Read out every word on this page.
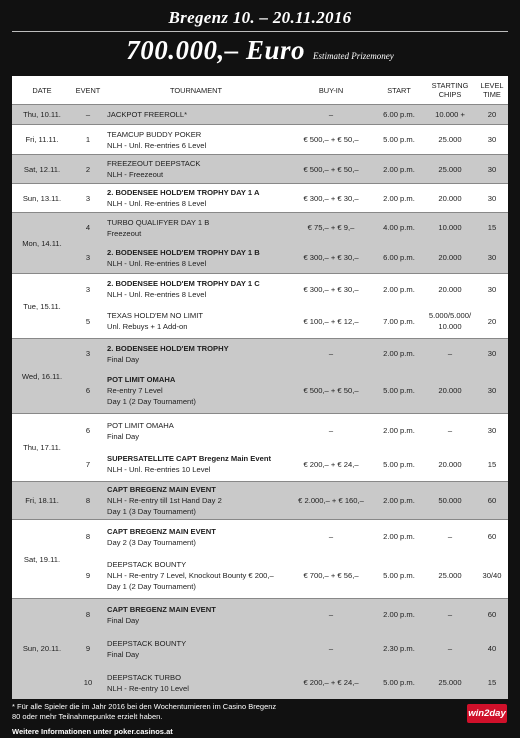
Bregenz 10. – 20.11.2016
700.000,– Euro Estimated Prizemoney
DATE	EVENT	TOURNAMENT	BUY-IN	START	STARTING
CHIPS	LEVEL
TIME
Thu, 10.11.	–	JACKPOT FREEROLL*	–	6.00 p.m.	10.000 +	20
Fri, 11.11.	1	TEAMCUP BUDDY POKER
NLH - Unl. Re-entries 6 Level	€ 500,– + € 50,–	5.00 p.m.	25.000	30
Sat, 12.11.	2	FREEZEOUT DEEPSTACK
NLH - Freezeout	€ 500,– + € 50,–	2.00 p.m.	25.000	30
Sun, 13.11.	3	2. BODENSEE HOLD'EM TROPHY DAY 1 A
NLH - Unl. Re-entries 8 Level	€ 300,– + € 30,–	2.00 p.m.	20.000	30
Mon, 14.11.	4	TURBO QUALIFYER DAY 1 B
Freezeout	€ 75,– + € 9,–	4.00 p.m.	10.000	15
	3	2. BODENSEE HOLD'EM TROPHY DAY 1 B
NLH - Unl. Re-entries 8 Level	€ 300,– + € 30,–	6.00 p.m.	20.000	30
Tue, 15.11.	3	2. BODENSEE HOLD'EM TROPHY DAY 1 C
NLH - Unl. Re-entries 8 Level	€ 300,– + € 30,–	2.00 p.m.	20.000	30
	5	TEXAS HOLD'EM NO LIMIT
Unl. Rebuys + 1 Add-on	€ 100,– + € 12,–	7.00 p.m.	5.000/5.000/
10.000	20
Wed, 16.11.	3	2. BODENSEE HOLD'EM TROPHY
Final Day	–	2.00 p.m.	–	30
	6	POT LIMIT OMAHA
Re-entry 7 Level
Day 1 (2 Day Tournament)	€ 500,– + € 50,–	5.00 p.m.	20.000	30
Thu, 17.11.	6	POT LIMIT OMAHA
Final Day	–	2.00 p.m.	–	30
	7	SUPERSATELLITE CAPT Bregenz Main Event
NLH - Unl. Re-entries 10 Level	€ 200,– + € 24,–	5.00 p.m.	20.000	15
Fri, 18.11.	8	CAPT BREGENZ MAIN EVENT
NLH - Re-entry till 1st Hand Day 2
Day 1 (3 Day Tournament)	€ 2.000,– + € 160,–	2.00 p.m.	50.000	60
Sat, 19.11.	8	CAPT BREGENZ MAIN EVENT
Day 2 (3 Day Tournament)	–	2.00 p.m.	–	60
	9	DEEPSTACK BOUNTY
NLH - Re-entry 7 Level, Knockout Bounty € 200,–
Day 1 (2 Day Tournament)	€ 700,– + € 56,–	5.00 p.m.	25.000	30/40
Sun, 20.11.	8	CAPT BREGENZ MAIN EVENT
Final Day	–	2.00 p.m.	–	60
	9	DEEPSTACK BOUNTY
Final Day	–	2.30 p.m.	–	40
	10	DEEPSTACK TURBO
NLH - Re-entry 10 Level	€ 200,– + € 24,–	5.00 p.m.	25.000	15
* Für alle Spieler die im Jahr 2016 bei den Wochenturnieren im Casino Bregenz
80 oder mehr Teilnahmepunkte erzielt haben.
Weitere Informationen unter poker.casinos.at
win2day
